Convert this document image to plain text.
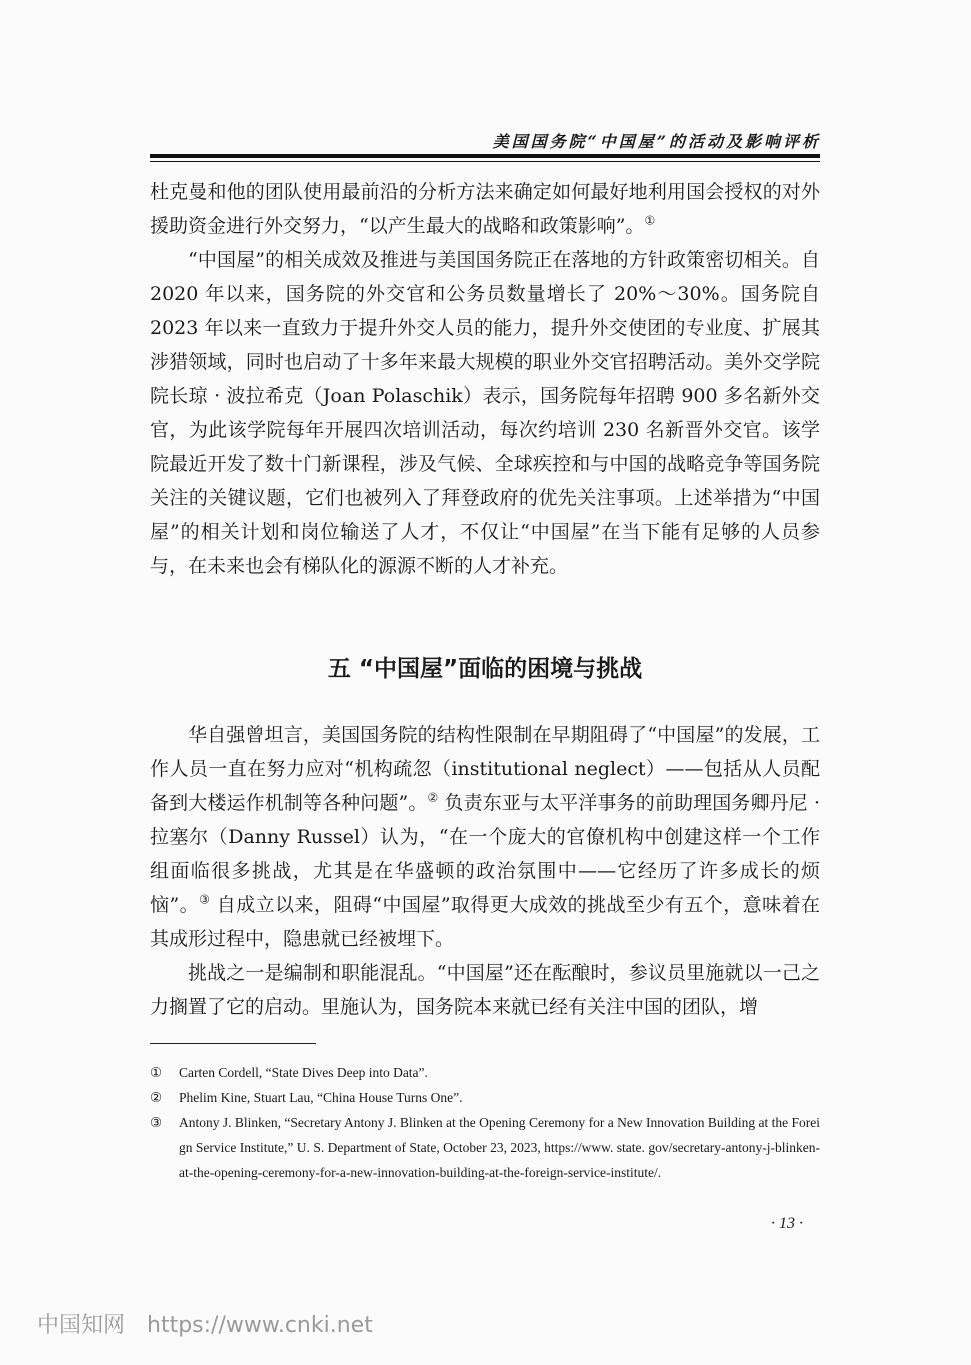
美国国务院“中国屋”的活动及影响评析

杜克曼和他的团队使用最前沿的分析方法来确定如何最好地利用国会授权的对外援助资金进行外交努力，“以产生最大的战略和政策影响”。①

“中国屋”的相关成效及推进与美国国务院正在落地的方针政策密切相关。自 2020 年以来，国务院的外交官和公务员数量增长了 20%～30%。国务院自 2023 年以来一直致力于提升外交人员的能力，提升外交使团的专业度、扩展其涉猎领域，同时也启动了十多年来最大规模的职业外交官招聘活动。美外交学院院长琼 · 波拉希克（Joan Polaschik）表示，国务院每年招聘 900 多名新外交官，为此该学院每年开展四次培训活动，每次约培训 230 名新晋外交官。该学院最近开发了数十门新课程，涉及气候、全球疾控和与中国的战略竞争等国务院关注的关键议题，它们也被列入了拜登政府的优先关注事项。上述举措为“中国屋”的相关计划和岗位输送了人才，不仅让“中国屋”在当下能有足够的人员参与，在未来也会有梯队化的源源不断的人才补充。

五 “中国屋”面临的困境与挑战

华自强曾坦言，美国国务院的结构性限制在早期阻碍了“中国屋”的发展，工作人员一直在努力应对“机构疏忽（institutional neglect）——包括从人员配备到大楼运作机制等各种问题”。② 负责东亚与太平洋事务的前助理国务卿丹尼 · 拉塞尔（Danny Russel）认为，“在一个庞大的官僚机构中创建这样一个工作组面临很多挑战，尤其是在华盛顿的政治氛围中——它经历了许多成长的烦恼”。③ 自成立以来，阻碍“中国屋”取得更大成效的挑战至少有五个，意味着在其成形过程中，隐患就已经被埋下。

挑战之一是编制和职能混乱。“中国屋”还在酝酿时，参议员里施就以一己之力搁置了它的启动。里施认为，国务院本来就已经有关注中国的团队，增

①	Carten Cordell, “State Dives Deep into Data”.
②	Phelim Kine, Stuart Lau, “China House Turns One”.
③	Antony J. Blinken, “Secretary Antony J. Blinken at the Opening Ceremony for a New Innovation Building at the Foreign Service Institute,” U. S. Department of State, October 23, 2023, https://www. state. gov/secretary-antony-j-blinken-at-the-opening-ceremony-for-a-new-innovation-building-at-the-foreign-service-institute/.
· 13 ·
中国知网 https://www.cnki.net
